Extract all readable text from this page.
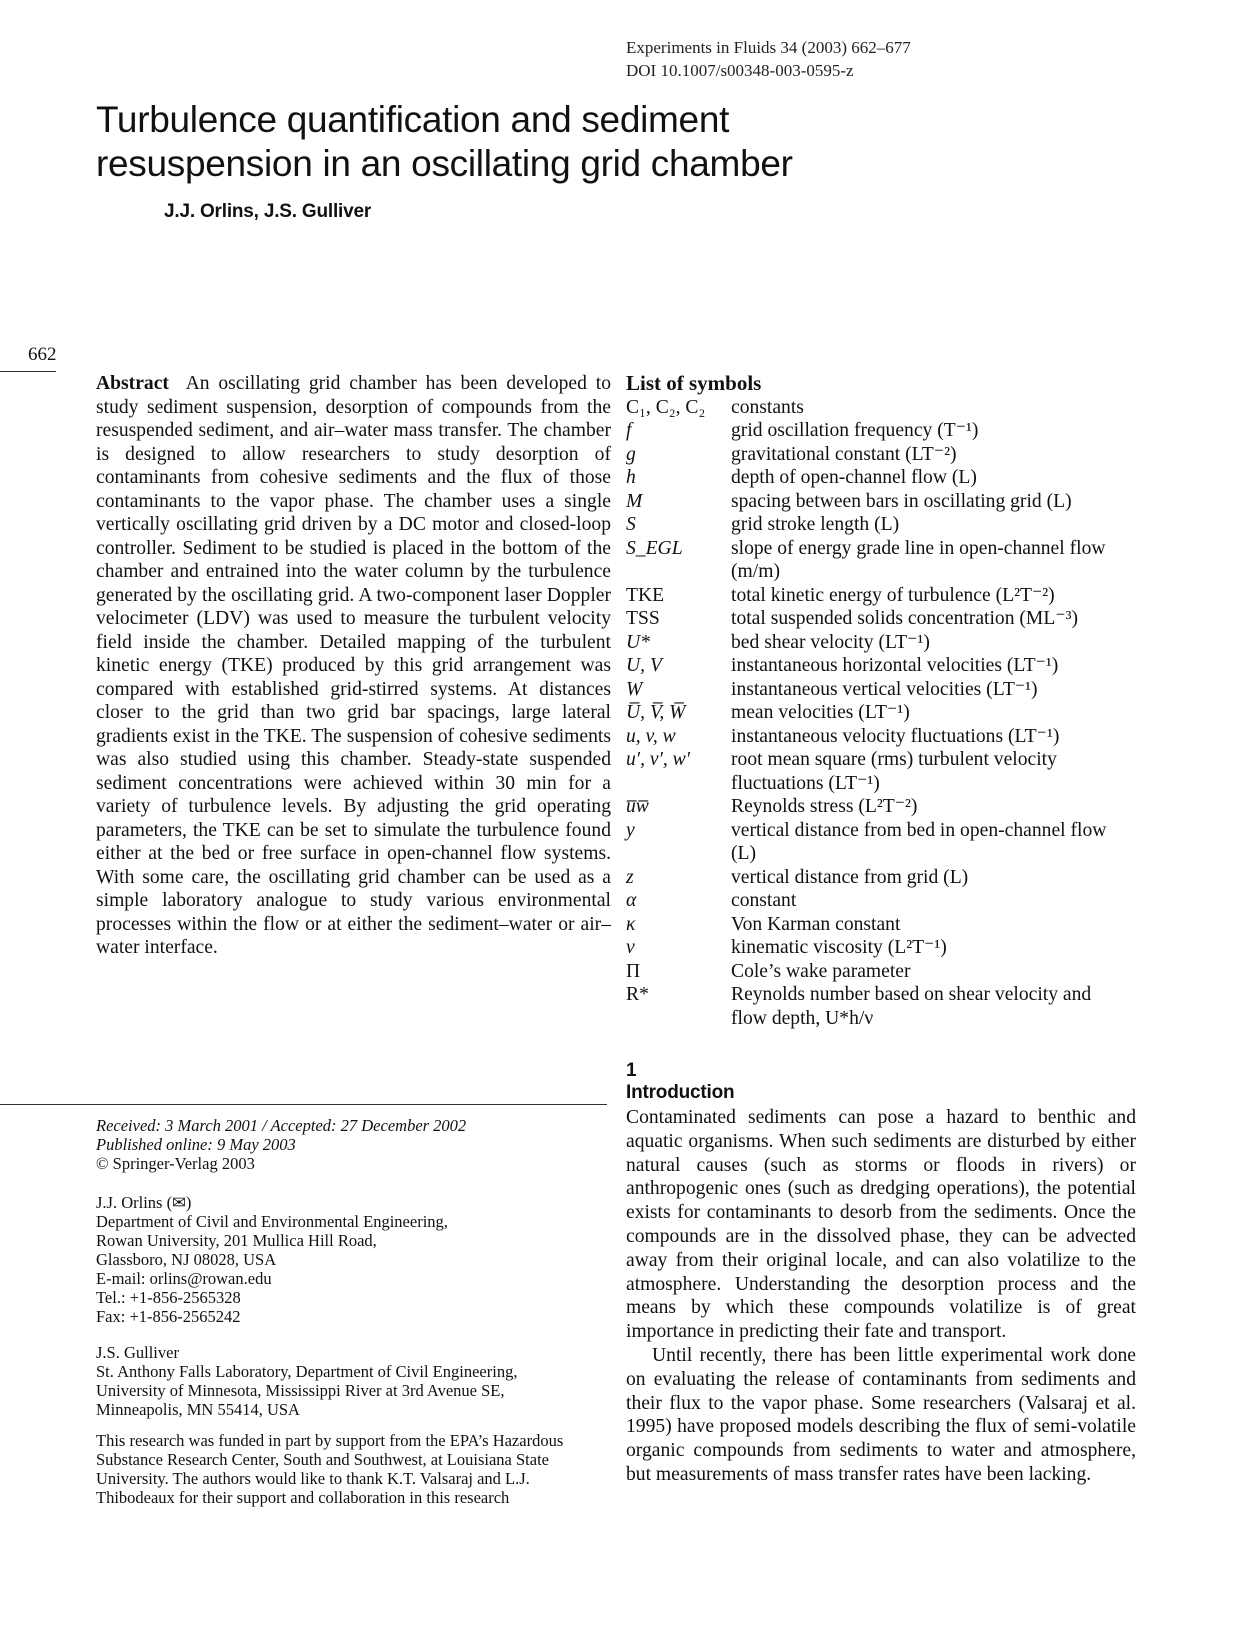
Experiments in Fluids 34 (2003) 662–677
DOI 10.1007/s00348-003-0595-z
Turbulence quantification and sediment resuspension in an oscillating grid chamber
J.J. Orlins, J.S. Gulliver
662
Abstract An oscillating grid chamber has been developed to study sediment suspension, desorption of compounds from the resuspended sediment, and air–water mass transfer. The chamber is designed to allow researchers to study desorption of contaminants from cohesive sediments and the flux of those contaminants to the vapor phase. The chamber uses a single vertically oscillating grid driven by a DC motor and closed-loop controller. Sediment to be studied is placed in the bottom of the chamber and entrained into the water column by the turbulence generated by the oscillating grid. A two-component laser Doppler velocimeter (LDV) was used to measure the turbulent velocity field inside the chamber. Detailed mapping of the turbulent kinetic energy (TKE) produced by this grid arrangement was compared with established grid-stirred systems. At distances closer to the grid than two grid bar spacings, large lateral gradients exist in the TKE. The suspension of cohesive sediments was also studied using this chamber. Steady-state suspended sediment concentrations were achieved within 30 min for a variety of turbulence levels. By adjusting the grid operating parameters, the TKE can be set to simulate the turbulence found either at the bed or free surface in open-channel flow systems. With some care, the oscillating grid chamber can be used as a simple laboratory analogue to study various environmental processes within the flow or at either the sediment–water or air–water interface.
List of symbols
C₁, C₂, C₂	constants
f	grid oscillation frequency (T⁻¹)
g	gravitational constant (LT⁻²)
h	depth of open-channel flow (L)
M	spacing between bars in oscillating grid (L)
S	grid stroke length (L)
S_EGL	slope of energy grade line in open-channel flow (m/m)
TKE	total kinetic energy of turbulence (L²T⁻²)
TSS	total suspended solids concentration (ML⁻³)
U*	bed shear velocity (LT⁻¹)
U, V	instantaneous horizontal velocities (LT⁻¹)
W	instantaneous vertical velocities (LT⁻¹)
U̅, V̅, W̅	mean velocities (LT⁻¹)
u, v, w	instantaneous velocity fluctuations (LT⁻¹)
u′, v′, w′	root mean square (rms) turbulent velocity fluctuations (LT⁻¹)
u̅w̅	Reynolds stress (L²T⁻²)
y	vertical distance from bed in open-channel flow (L)
z	vertical distance from grid (L)
α	constant
κ	Von Karman constant
ν	kinematic viscosity (L²T⁻¹)
Π	Cole’s wake parameter
R*	Reynolds number based on shear velocity and flow depth, U*h/ν
Received: 3 March 2001 / Accepted: 27 December 2002
Published online: 9 May 2003
© Springer-Verlag 2003
J.J. Orlins (✉)
Department of Civil and Environmental Engineering,
Rowan University, 201 Mullica Hill Road,
Glassboro, NJ 08028, USA
E-mail: orlins@rowan.edu
Tel.: +1-856-2565328
Fax: +1-856-2565242
J.S. Gulliver
St. Anthony Falls Laboratory, Department of Civil Engineering,
University of Minnesota, Mississippi River at 3rd Avenue SE,
Minneapolis, MN 55414, USA
This research was funded in part by support from the EPA’s Hazardous Substance Research Center, South and Southwest, at Louisiana State University. The authors would like to thank K.T. Valsaraj and L.J. Thibodeaux for their support and collaboration in this research
1
Introduction

Contaminated sediments can pose a hazard to benthic and aquatic organisms. When such sediments are disturbed by either natural causes (such as storms or floods in rivers) or anthropogenic ones (such as dredging operations), the potential exists for contaminants to desorb from the sediments. Once the compounds are in the dissolved phase, they can be advected away from their original locale, and can also volatilize to the atmosphere. Understanding the desorption process and the means by which these compounds volatilize is of great importance in predicting their fate and transport.

Until recently, there has been little experimental work done on evaluating the release of contaminants from sediments and their flux to the vapor phase. Some researchers (Valsaraj et al. 1995) have proposed models describing the flux of semi-volatile organic compounds from sediments to water and atmosphere, but measurements of mass transfer rates have been lacking.
